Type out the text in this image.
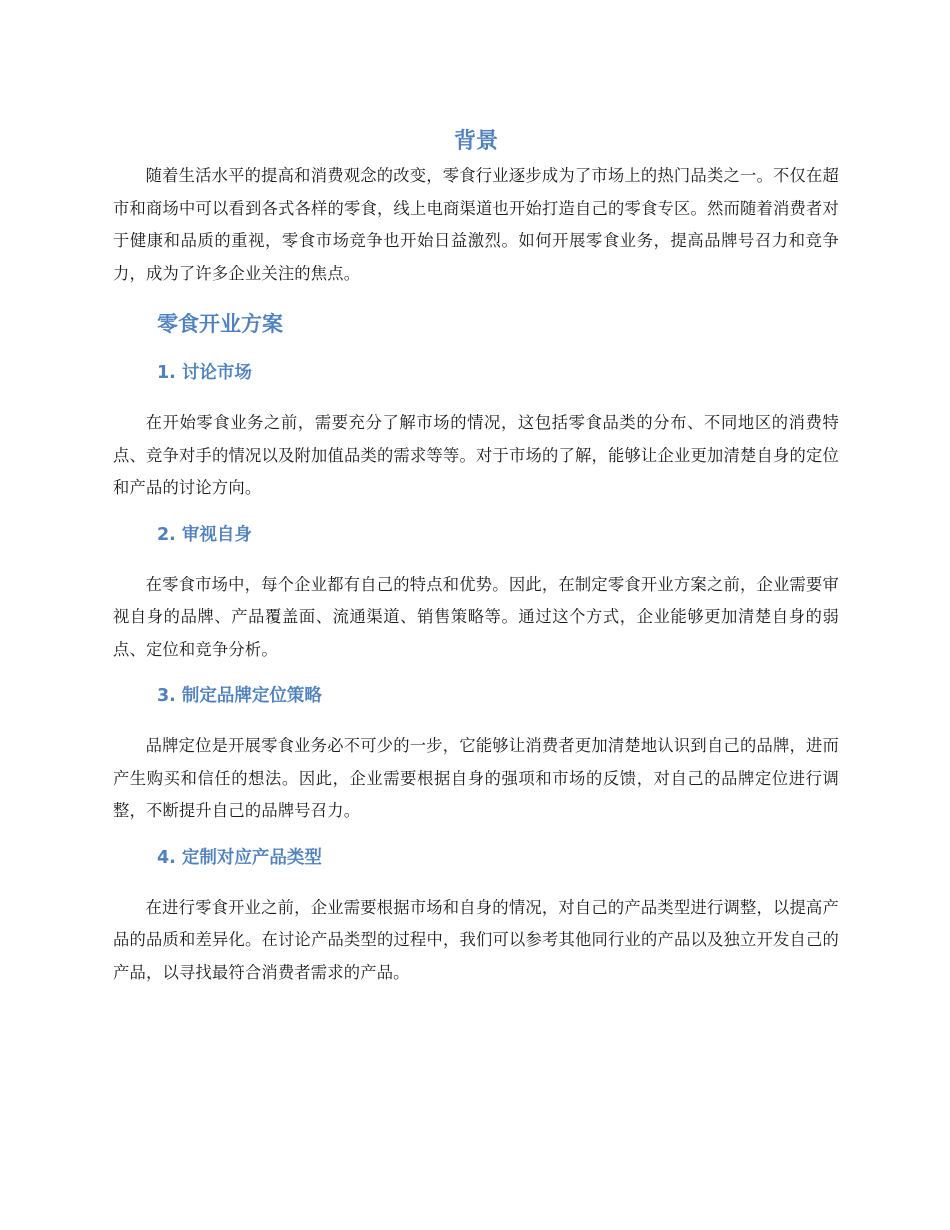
背景

随着生活水平的提高和消费观念的改变，零食行业逐步成为了市场上的热门品类之一。不仅在超市和商场中可以看到各式各样的零食，线上电商渠道也开始打造自己的零食专区。然而随着消费者对于健康和品质的重视，零食市场竞争也开始日益激烈。如何开展零食业务，提高品牌号召力和竞争力，成为了许多企业关注的焦点。

零食开业方案
1. 讨论市场

在开始零食业务之前，需要充分了解市场的情况，这包括零食品类的分布、不同地区的消费特点、竞争对手的情况以及附加值品类的需求等等。对于市场的了解，能够让企业更加清楚自身的定位和产品的讨论方向。

2. 审视自身

在零食市场中，每个企业都有自己的特点和优势。因此，在制定零食开业方案之前，企业需要审视自身的品牌、产品覆盖面、流通渠道、销售策略等。通过这个方式，企业能够更加清楚自身的弱点、定位和竞争分析。

3. 制定品牌定位策略

品牌定位是开展零食业务必不可少的一步，它能够让消费者更加清楚地认识到自己的品牌，进而产生购买和信任的想法。因此，企业需要根据自身的强项和市场的反馈，对自己的品牌定位进行调整，不断提升自己的品牌号召力。

4. 定制对应产品类型

在进行零食开业之前，企业需要根据市场和自身的情况，对自己的产品类型进行调整，以提高产品的品质和差异化。在讨论产品类型的过程中，我们可以参考其他同行业的产品以及独立开发自己的产品，以寻找最符合消费者需求的产品。
